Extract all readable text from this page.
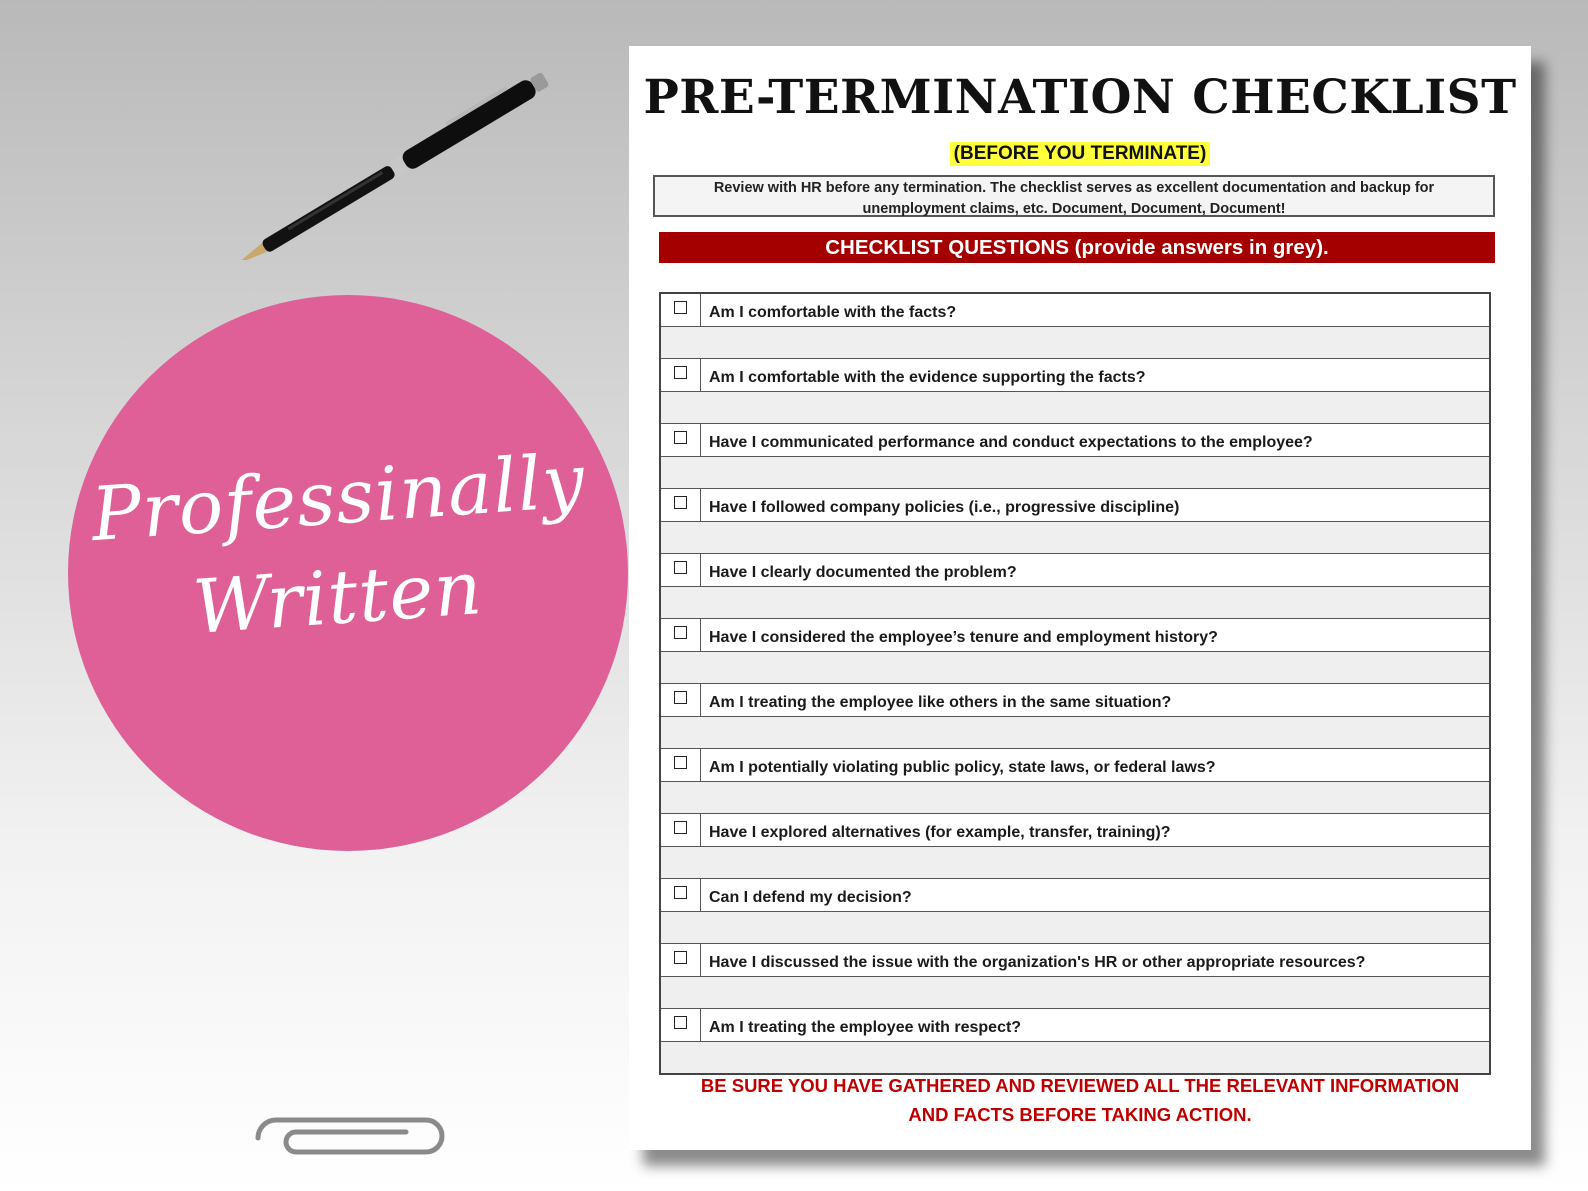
Professinally
Written
PRE-TERMINATION CHECKLIST
(BEFORE YOU TERMINATE)
Review with HR before any termination. The checklist serves as excellent documentation and backup for
unemployment claims, etc. Document, Document, Document!
CHECKLIST QUESTIONS (provide answers in grey).
Am I comfortable with the facts?
Am I comfortable with the evidence supporting the facts?
Have I communicated performance and conduct expectations to the employee?
Have I followed company policies (i.e., progressive discipline)
Have I clearly documented the problem?
Have I considered the employee’s tenure and employment history?
Am I treating the employee like others in the same situation?
Am I potentially violating public policy, state laws, or federal laws?
Have I explored alternatives (for example, transfer, training)?
Can I defend my decision?
Have I discussed the issue with the organization's HR or other appropriate resources?
Am I treating the employee with respect?
BE SURE YOU HAVE GATHERED AND REVIEWED ALL THE RELEVANT INFORMATION
AND FACTS BEFORE TAKING ACTION.
